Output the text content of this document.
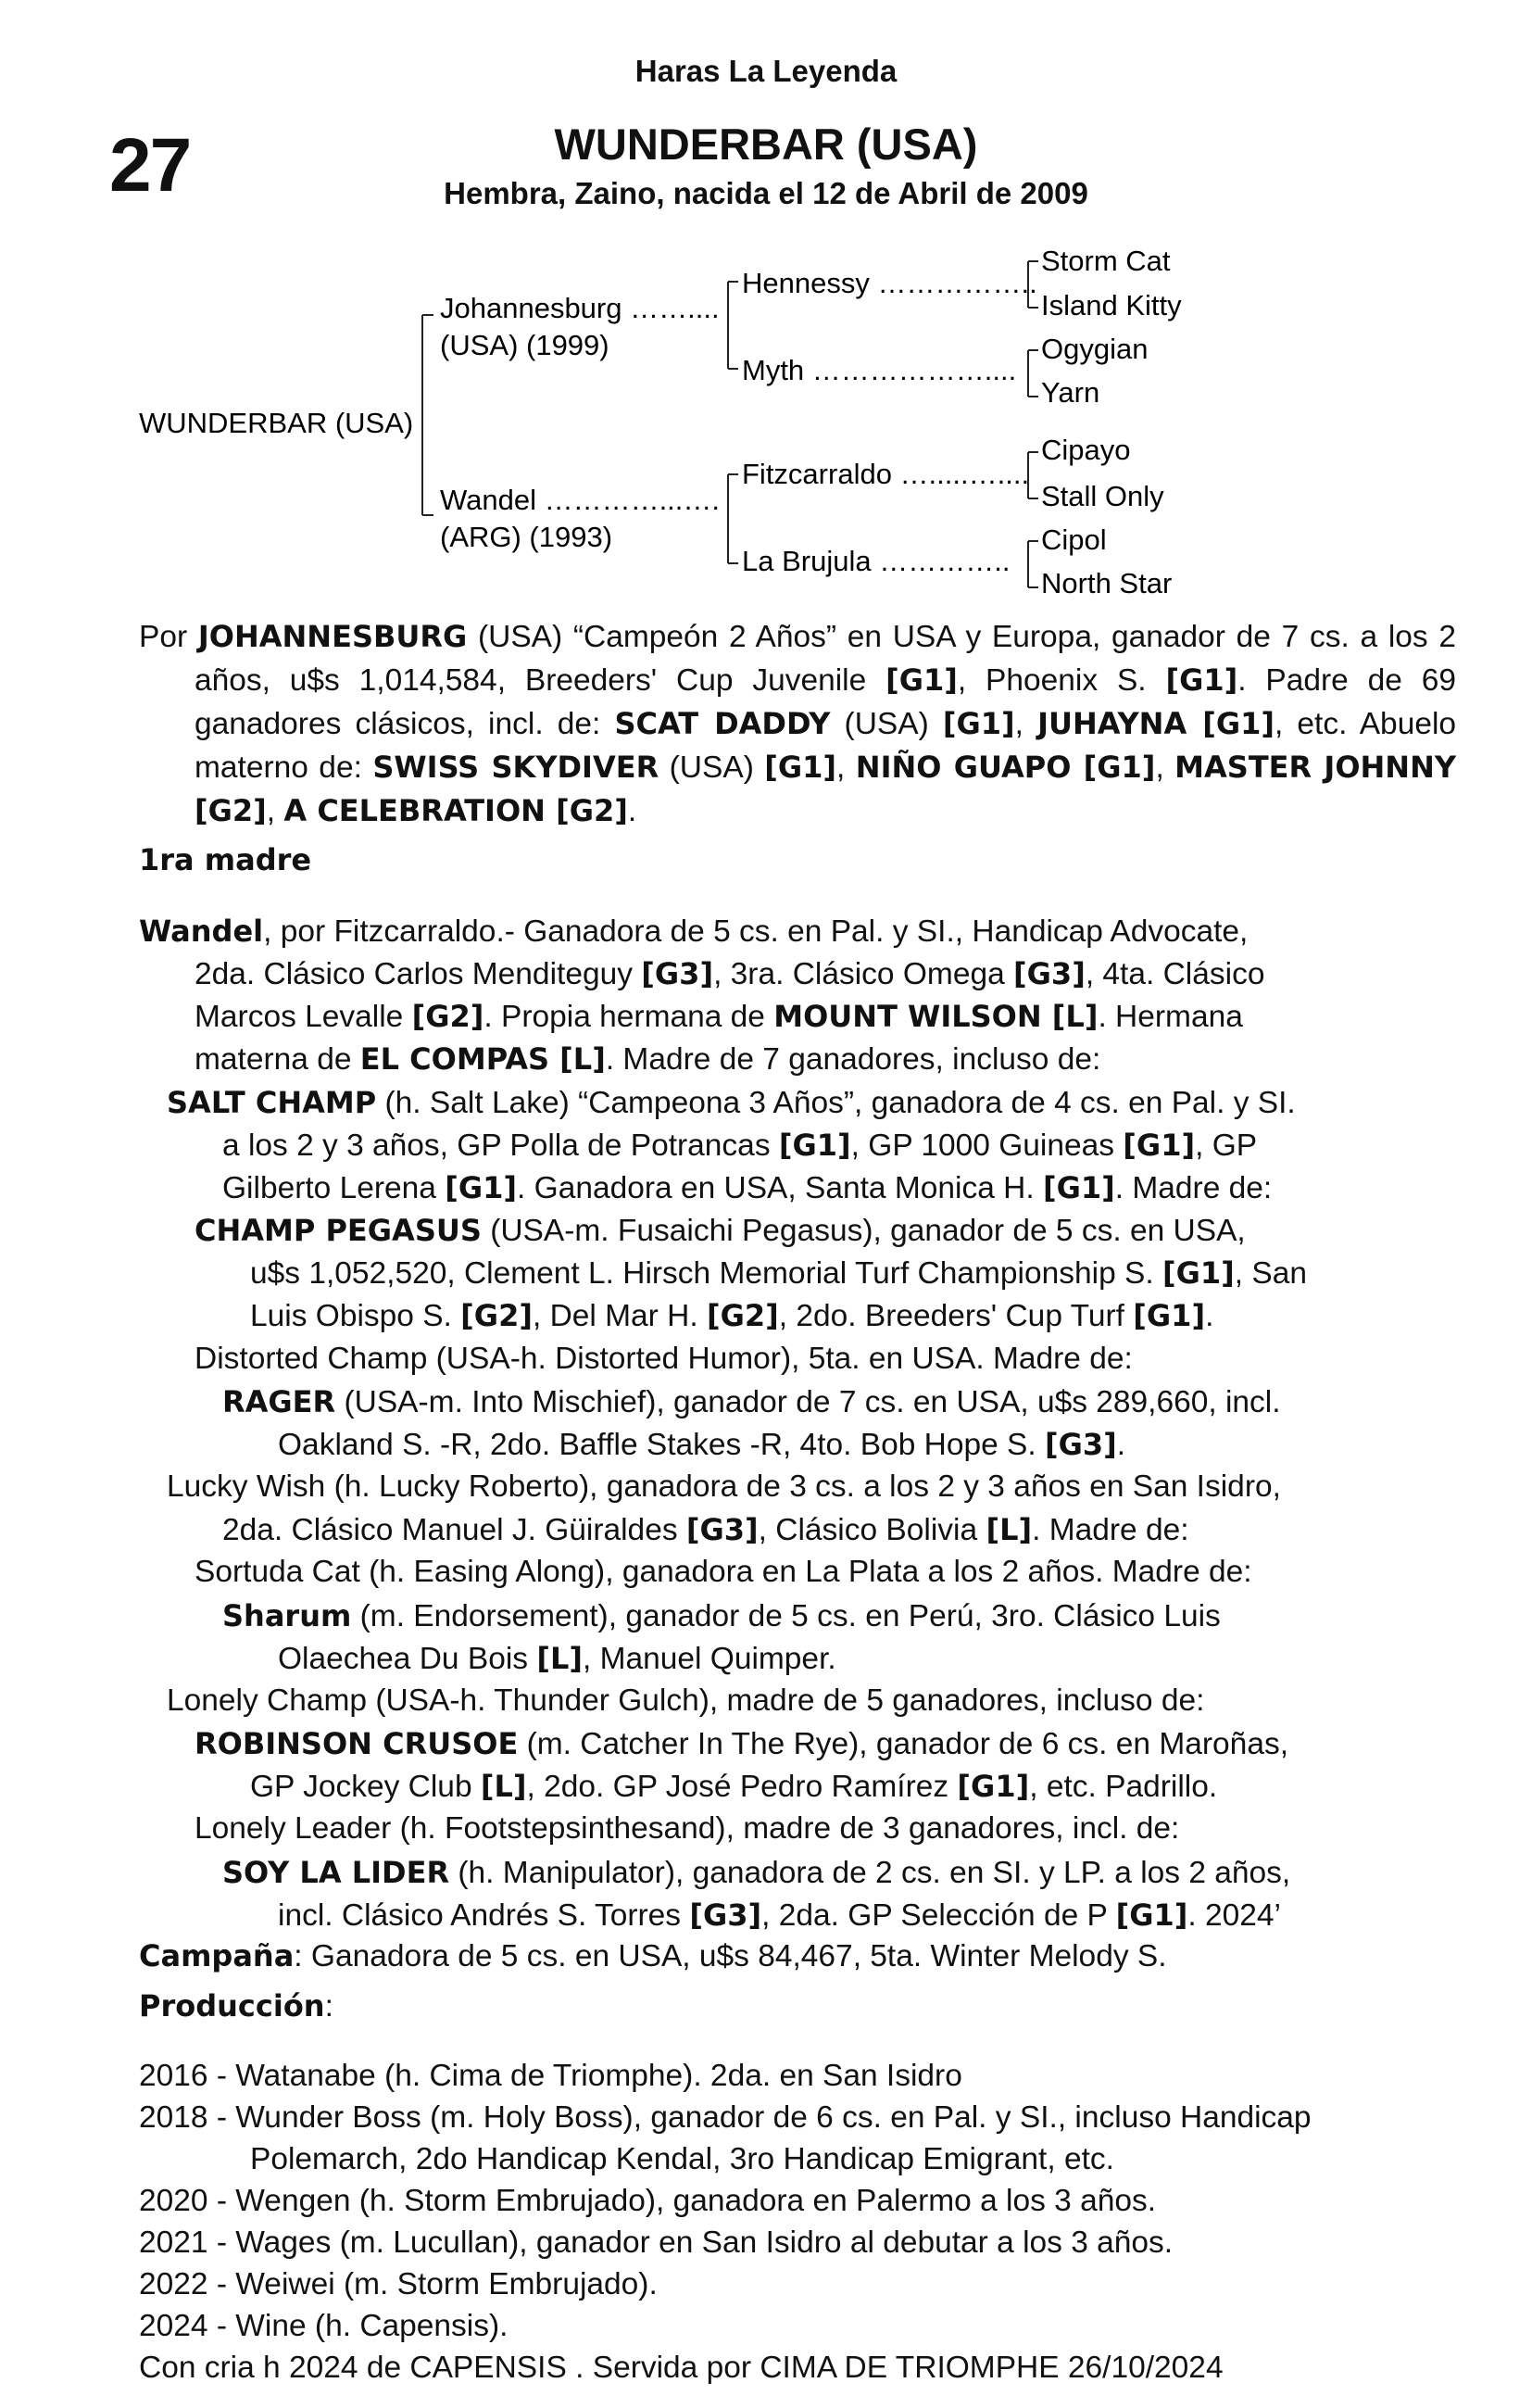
Haras La Leyenda
27	WUNDERBAR (USA)
Hembra, Zaino, nacida el 12 de Abril de 2009
WUNDERBAR (USA)
Johannesburg ……....
(USA) (1999)
Wandel …………...….
(ARG) (1993)
Hennessy ……………..
Myth ………………....
Fitzcarraldo ….....…....
La Brujula …………..
Storm Cat
Island Kitty
Ogygian
Yarn
Cipayo
Stall Only
Cipol
North Star
Por JOHANNESBURG (USA) “Campeón 2 Años” en USA y Europa, ganador de 7 cs. a los 2 años, u$s 1,014,584, Breeders' Cup Juvenile [G1], Phoenix S. [G1]. Padre de 69 ganadores clásicos, incl. de: SCAT DADDY (USA) [G1], JUHAYNA [G1], etc. Abuelo materno de: SWISS SKYDIVER (USA) [G1], NIÑO GUAPO [G1], MASTER JOHNNY [G2], A CELEBRATION [G2].
1ra madre
Wandel, por Fitzcarraldo.- Ganadora de 5 cs. en Pal. y SI., Handicap Advocate,
2da. Clásico Carlos Menditeguy [G3], 3ra. Clásico Omega [G3], 4ta. Clásico
Marcos Levalle [G2]. Propia hermana de MOUNT WILSON [L]. Hermana
materna de EL COMPAS [L]. Madre de 7 ganadores, incluso de:
SALT CHAMP (h. Salt Lake) “Campeona 3 Años”, ganadora de 4 cs. en Pal. y SI.
a los 2 y 3 años, GP Polla de Potrancas [G1], GP 1000 Guineas [G1], GP
Gilberto Lerena [G1]. Ganadora en USA, Santa Monica H. [G1]. Madre de:
CHAMP PEGASUS (USA-m. Fusaichi Pegasus), ganador de 5 cs. en USA,
u$s 1,052,520, Clement L. Hirsch Memorial Turf Championship S. [G1], San
Luis Obispo S. [G2], Del Mar H. [G2], 2do. Breeders' Cup Turf [G1].
Distorted Champ (USA-h. Distorted Humor), 5ta. en USA. Madre de:
RAGER (USA-m. Into Mischief), ganador de 7 cs. en USA, u$s 289,660, incl.
Oakland S. -R, 2do. Baffle Stakes -R, 4to. Bob Hope S. [G3].
Lucky Wish (h. Lucky Roberto), ganadora de 3 cs. a los 2 y 3 años en San Isidro,
2da. Clásico Manuel J. Güiraldes [G3], Clásico Bolivia [L]. Madre de:
Sortuda Cat (h. Easing Along), ganadora en La Plata a los 2 años. Madre de:
Sharum (m. Endorsement), ganador de 5 cs. en Perú, 3ro. Clásico Luis
Olaechea Du Bois [L], Manuel Quimper.
Lonely Champ (USA-h. Thunder Gulch), madre de 5 ganadores, incluso de:
ROBINSON CRUSOE (m. Catcher In The Rye), ganador de 6 cs. en Maroñas,
GP Jockey Club [L], 2do. GP José Pedro Ramírez [G1], etc. Padrillo.
Lonely Leader (h. Footstepsinthesand), madre de 3 ganadores, incl. de:
SOY LA LIDER (h. Manipulator), ganadora de 2 cs. en SI. y LP. a los 2 años,
incl. Clásico Andrés S. Torres [G3], 2da. GP Selección de P [G1]. 2024’
Campaña: Ganadora de 5 cs. en USA, u$s 84,467, 5ta. Winter Melody S.
Producción:
2016 - Watanabe (h. Cima de Triomphe). 2da. en San Isidro
2018 - Wunder Boss (m. Holy Boss), ganador de 6 cs. en Pal. y SI., incluso Handicap
Polemarch, 2do Handicap Kendal, 3ro Handicap Emigrant, etc.
2020 - Wengen (h. Storm Embrujado), ganadora en Palermo a los 3 años.
2021 - Wages (m. Lucullan), ganador en San Isidro al debutar a los 3 años.
2022 - Weiwei (m. Storm Embrujado).
2024 - Wine (h. Capensis).
Con cria h 2024 de CAPENSIS . Servida por CIMA DE TRIOMPHE 26/10/2024
